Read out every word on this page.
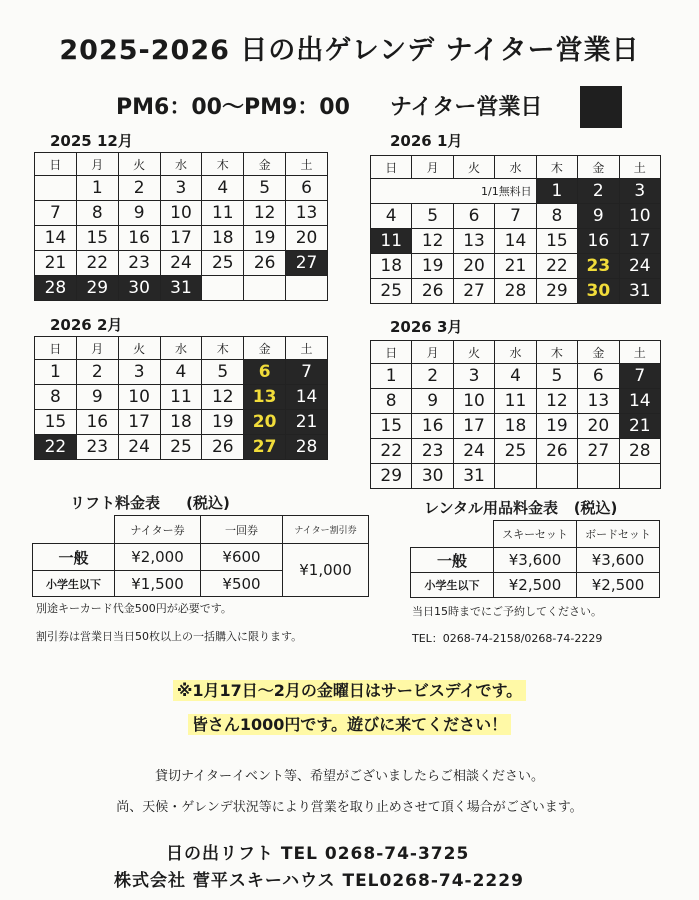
2025-2026 日の出ゲレンデ ナイター営業日
PM6：00～PM9：00 ナイター営業日
2025 12月
日	月	火	水	木	金	土
	1	2	3	4	5	6
7	8	9	10	11	12	13
14	15	16	17	18	19	20
21	22	23	24	25	26	27
28	29	30	31			
2026 1月
日	月	火	水	木	金	土
1/1無料日				1	2	3
4	5	6	7	8	9	10
11	12	13	14	15	16	17
18	19	20	21	22	23	24
25	26	27	28	29	30	31
2026 2月
日	月	火	水	木	金	土
1	2	3	4	5	6	7
8	9	10	11	12	13	14
15	16	17	18	19	20	21
22	23	24	25	26	27	28
2026 3月
日	月	火	水	木	金	土
1	2	3	4	5	6	7
8	9	10	11	12	13	14
15	16	17	18	19	20	21
22	23	24	25	26	27	28
29	30	31				
リフト料金表 (税込)
	ナイター券	一回券	ナイター割引券
一般	¥2,000	¥600	¥1,000
小学生以下	¥1,500	¥500	
別途キーカード代金500円が必要です。
割引券は営業日当日50枚以上の一括購入に限ります。
レンタル用品料金表 (税込)
	スキーセット	ボードセット
一般	¥3,600	¥3,600
小学生以下	¥2,500	¥2,500
当日15時までにご予約してください。
TEL：0268-74-2158/0268-74-2229
※1月17日～2月の金曜日はサービスデイです。
皆さん1000円です。遊びに来てください！
貸切ナイターイベント等、希望がございましたらご相談ください。
尚、天候・ゲレンデ状況等により営業を取り止めさせて頂く場合がございます。
日の出リフト TEL 0268-74-3725
株式会社 菅平スキーハウス TEL0268-74-2229
